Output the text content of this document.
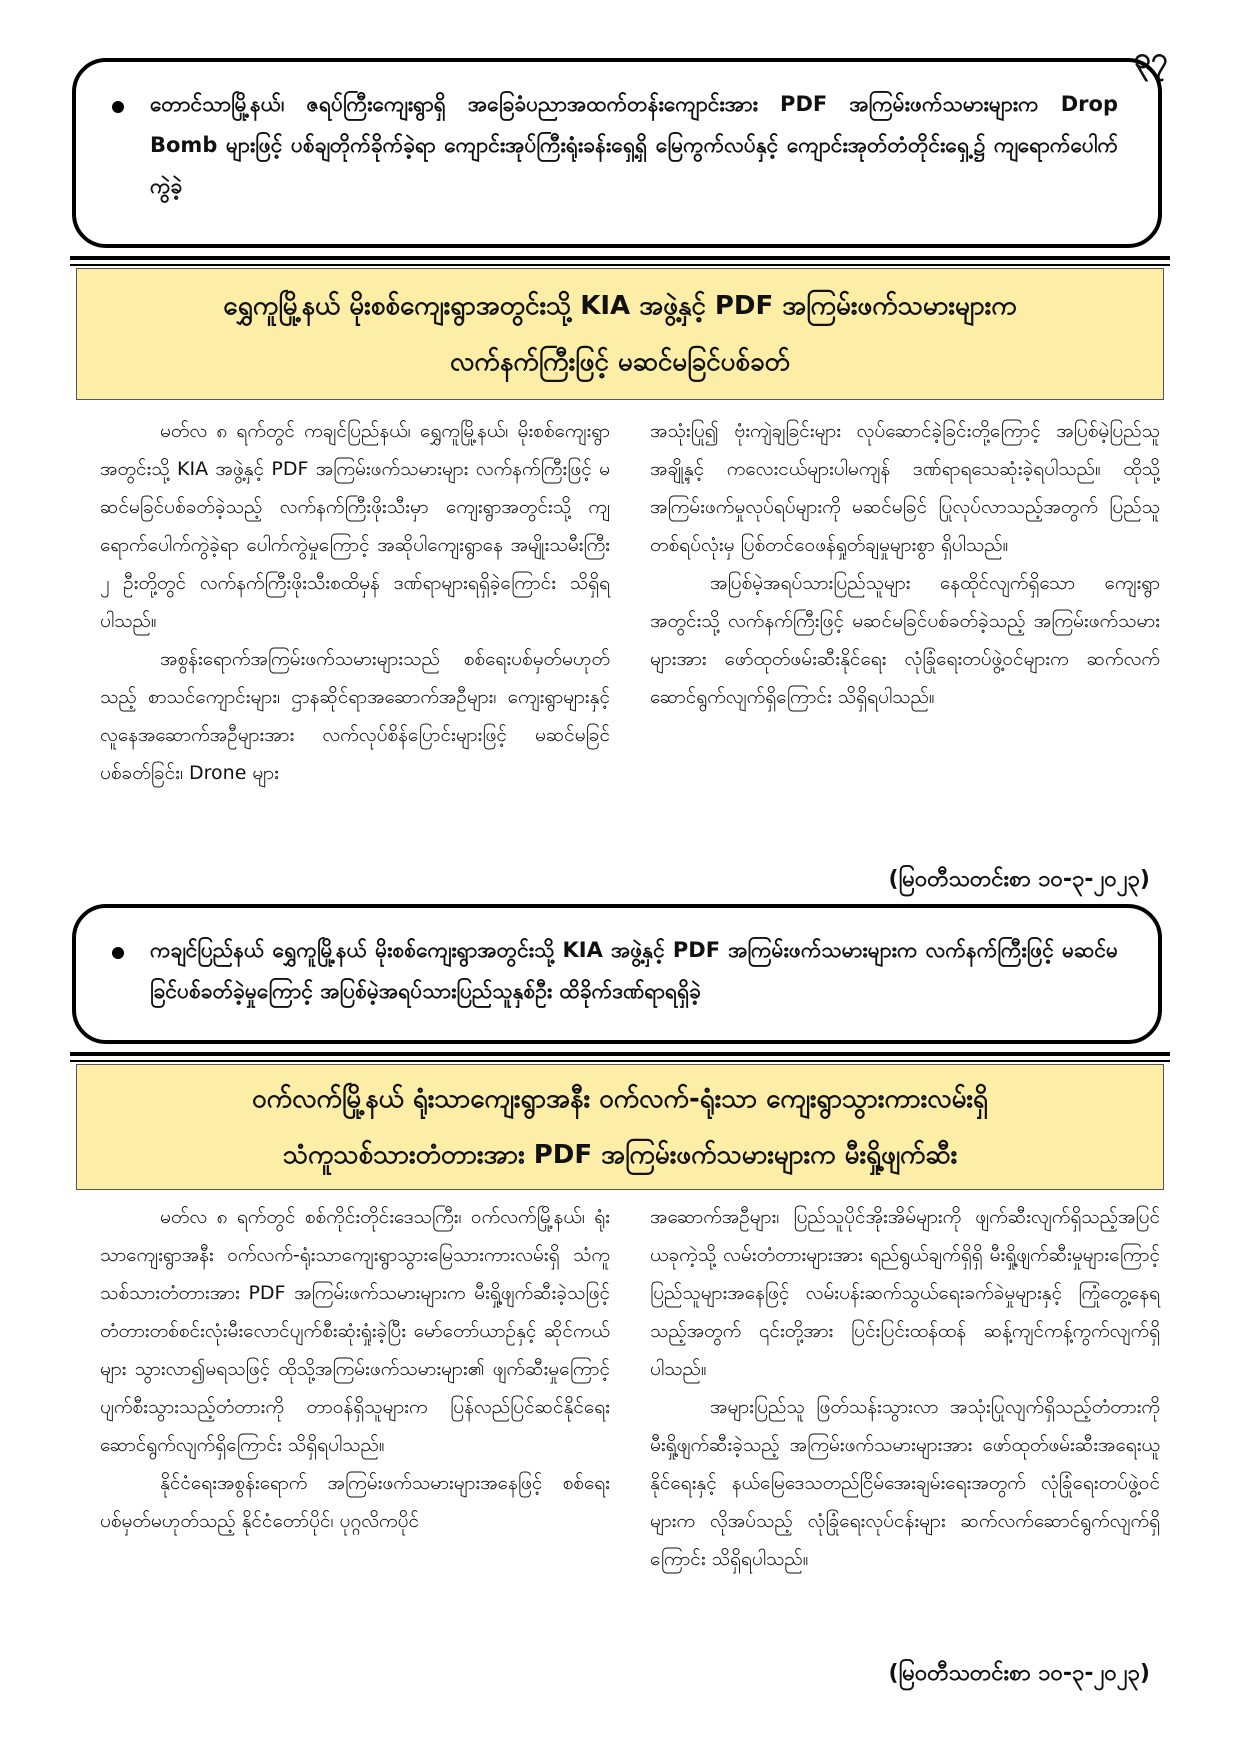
၃၇
တောင်သာမြို့နယ်၊ ဇရပ်ကြီးကျေးရွာရှိ အခြေခံပညာအထက်တန်းကျောင်းအား PDF အကြမ်းဖက်သမားများက Drop Bomb များဖြင့် ပစ်ချတိုက်ခိုက်ခဲ့ရာ ကျောင်းအုပ်ကြီးရုံးခန်းရှေ့ရှိ မြေကွက်လပ်နှင့် ကျောင်းအုတ်တံတိုင်းရှေ့၌ ကျရောက်ပေါက်ကွဲခဲ့
ရွှေကူမြို့နယ် မိုးစစ်ကျေးရွာအတွင်းသို့ KIA အဖွဲ့နှင့် PDF အကြမ်းဖက်သမားများက
လက်နက်ကြီးဖြင့် မဆင်မခြင်ပစ်ခတ်

မတ်လ ၈ ရက်တွင် ကချင်ပြည်နယ်၊ ရွှေကူမြို့နယ်၊ မိုးစစ်ကျေးရွာအတွင်းသို့ KIA အဖွဲ့နှင့် PDF အကြမ်းဖက်သမားများ လက်နက်ကြီးဖြင့် မဆင်မခြင်ပစ်ခတ်ခဲ့သည့် လက်နက်ကြီးဖိုးသီးမှာ ကျေးရွာအတွင်းသို့ ကျရောက်ပေါက်ကွဲခဲ့ရာ ပေါက်ကွဲမှုကြောင့် အဆိုပါကျေးရွာနေ အမျိုးသမီးကြီး ၂ ဦးတို့တွင် လက်နက်ကြီးဖိုးသီးစထိမှန် ဒဏ်ရာများရရှိခဲ့ကြောင်း သိရှိရပါသည်။

အစွန်းရောက်အကြမ်းဖက်သမားများသည် စစ်ရေးပစ်မှတ်မဟုတ်သည့် စာသင်ကျောင်းများ၊ ဌာနဆိုင်ရာအဆောက်အဦများ၊ ကျေးရွာများနှင့် လူနေအဆောက်အဦများအား လက်လုပ်စိန်ပြောင်းများဖြင့် မဆင်မခြင်ပစ်ခတ်ခြင်း၊ Drone များ

အသုံးပြု၍ ဗုံးကျဲချခြင်းများ လုပ်ဆောင်ခဲ့ခြင်းတို့ကြောင့် အပြစ်မဲ့ပြည်သူအချို့နှင့် ကလေးငယ်များပါမကျန် ဒဏ်ရာရသေဆုံးခဲ့ရပါသည်။ ထိုသို့အကြမ်းဖက်မှုလုပ်ရပ်များကို မဆင်မခြင် ပြုလုပ်လာသည့်အတွက် ပြည်သူတစ်ရပ်လုံးမှ ပြစ်တင်ဝေဖန်ရှုတ်ချမှုများစွာ ရှိပါသည်။

အပြစ်မဲ့အရပ်သားပြည်သူများ နေထိုင်လျက်ရှိသော ကျေးရွာအတွင်းသို့ လက်နက်ကြီးဖြင့် မဆင်မခြင်ပစ်ခတ်ခဲ့သည့် အကြမ်းဖက်သမားများအား ဖော်ထုတ်ဖမ်းဆီးနိုင်ရေး လုံခြုံရေးတပ်ဖွဲ့ဝင်များက ဆက်လက်ဆောင်ရွက်လျက်ရှိကြောင်း သိရှိရပါသည်။

(မြဝတီသတင်းစာ ၁၀-၃-၂၀၂၃)
ကချင်ပြည်နယ် ရွှေကူမြို့နယ် မိုးစစ်ကျေးရွာအတွင်းသို့ KIA အဖွဲ့နှင့် PDF အကြမ်းဖက်သမားများက လက်နက်ကြီးဖြင့် မဆင်မခြင်ပစ်ခတ်ခဲ့မှုကြောင့် အပြစ်မဲ့အရပ်သားပြည်သူနှစ်ဦး ထိခိုက်ဒဏ်ရာရရှိခဲ့
ဝက်လက်မြို့နယ် ရုံးသာကျေးရွာအနီး ဝက်လက်-ရုံးသာ ကျေးရွာသွားကားလမ်းရှိ
သံကူသစ်သားတံတားအား PDF အကြမ်းဖက်သမားများက မီးရှို့ဖျက်ဆီး

မတ်လ ၈ ရက်တွင် စစ်ကိုင်းတိုင်းဒေသကြီး၊ ဝက်လက်မြို့နယ်၊ ရုံးသာကျေးရွာအနီး ဝက်လက်-ရုံးသာကျေးရွာသွားမြေသားကားလမ်းရှိ သံကူသစ်သားတံတားအား PDF အကြမ်းဖက်သမားများက မီးရှို့ဖျက်ဆီးခဲ့သဖြင့် တံတားတစ်စင်းလုံးမီးလောင်ပျက်စီးဆုံးရှုံးခဲ့ပြီး မော်တော်ယာဉ်နှင့် ဆိုင်ကယ်များ သွားလာ၍မရသဖြင့် ထိုသို့အကြမ်းဖက်သမားများ၏ ဖျက်ဆီးမှုကြောင့် ပျက်စီးသွားသည့်တံတားကို တာဝန်ရှိသူများက ပြန်လည်ပြင်ဆင်နိုင်ရေး ဆောင်ရွက်လျက်ရှိကြောင်း သိရှိရပါသည်။

နိုင်ငံရေးအစွန်းရောက် အကြမ်းဖက်သမားများအနေဖြင့် စစ်ရေးပစ်မှတ်မဟုတ်သည့် နိုင်ငံတော်ပိုင်၊ ပုဂ္ဂလိကပိုင်

အဆောက်အဦများ၊ ပြည်သူပိုင်အိုးအိမ်များကို ဖျက်ဆီးလျက်ရှိသည့်အပြင် ယခုကဲ့သို့ လမ်းတံတားများအား ရည်ရွယ်ချက်ရှိရှိ မီးရှို့ဖျက်ဆီးမှုများကြောင့် ပြည်သူများအနေဖြင့် လမ်းပန်းဆက်သွယ်ရေးခက်ခဲမှုများနှင့် ကြုံတွေ့နေရသည့်အတွက် ၎င်းတို့အား ပြင်းပြင်းထန်ထန် ဆန့်ကျင်ကန့်ကွက်လျက်ရှိပါသည်။

အများပြည်သူ ဖြတ်သန်းသွားလာ အသုံးပြုလျက်ရှိသည့်တံတားကို မီးရှို့ဖျက်ဆီးခဲ့သည့် အကြမ်းဖက်သမားများအား ဖော်ထုတ်ဖမ်းဆီးအရေးယူနိုင်ရေးနှင့် နယ်မြေဒေသတည်ငြိမ်အေးချမ်းရေးအတွက် လုံခြုံရေးတပ်ဖွဲ့ဝင်များက လိုအပ်သည့် လုံခြုံရေးလုပ်ငန်းများ ဆက်လက်ဆောင်ရွက်လျက်ရှိကြောင်း သိရှိရပါသည်။

(မြဝတီသတင်းစာ ၁၀-၃-၂၀၂၃)
